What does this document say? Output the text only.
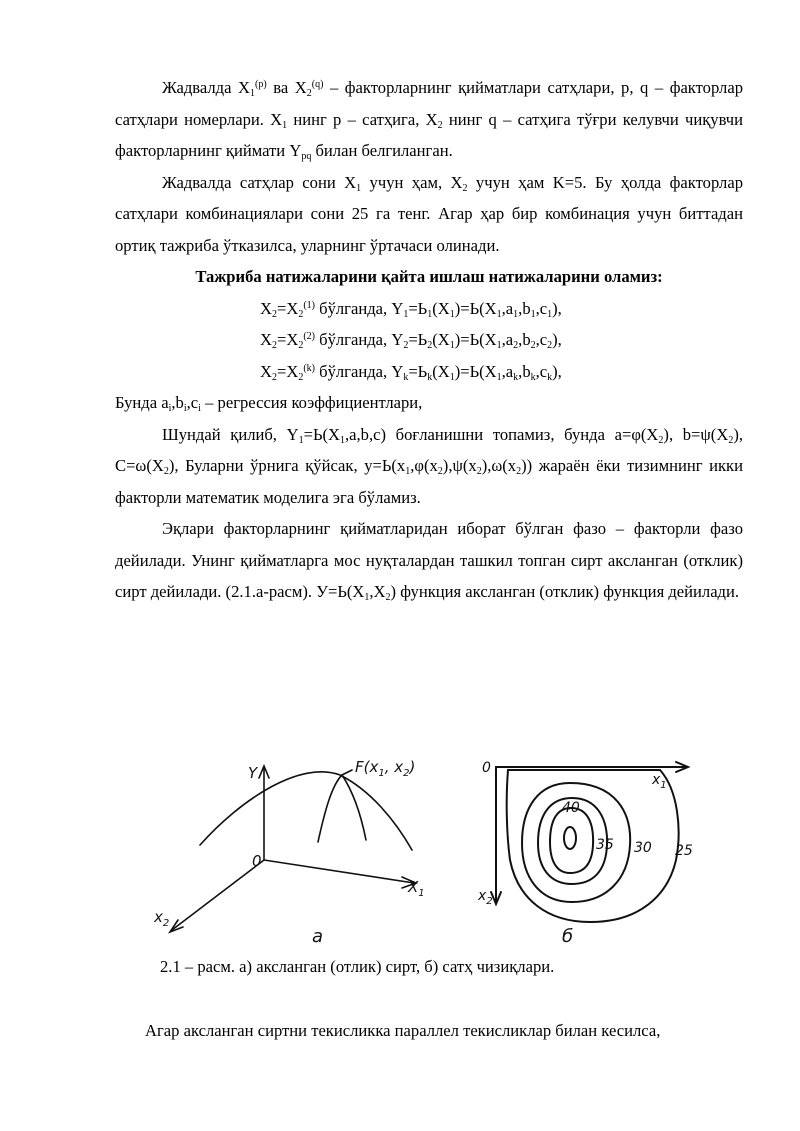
Жадвалда $X_1^{(p)}$ ва $X_2^{(q)}$ – факторларнинг қийматлари сатҳлари, p, q – факторлар сатҳлари номерлари. $X_1$ нинг p – сатҳига, $X_2$ нинг q – сатҳига тўғри келувчи чиқувчи факторларнинг қиймати $Y_{pq}$ билан белгиланган.

Жадвалда сатҳлар сони $X_1$ учун ҳам, $X_2$ учун ҳам K=5. Бу ҳолда факторлар сатҳлари комбинациялари сони 25 га тенг. Агар ҳар бир комбинация учун биттадан ортиқ тажриба ўтказилса, уларнинг ўртачаси олинади.

Тажриба натижаларини қайта ишлаш натижаларини оламиз:

$X_2=X_2^{(1)}$ бўлганда, $Y_1=Ь_1(X_1)=Ь(X_1,a_1,b_1,c_1)$,

$X_2=X_2^{(2)}$ бўлганда, $Y_2=Ь_2(X_1)=Ь(X_1,a_2,b_2,c_2)$,

$X_2=X_2^{(k)}$ бўлганда, $Y_k=Ь_k(X_1)=Ь(X_1,a_k,b_k,c_k)$,

Бунда $a_i,b_i,c_i$ – регрессия коэффициентлари,

Шундай қилиб, $Y_1=Ь(X_1,a,b,c)$ боғланишни топамиз, бунда $a=\varphi(X_2)$, $b=\psi(X_2)$, $C=\omega(X_2)$, Буларни ўрнига қўйсак, $y=Ь(x_1,\varphi(x_2),\psi(x_2),\omega(x_2))$ жараён ёки тизимнинг икки факторли математик моделига эга бўламиз.

Эқлари факторларнинг қийматларидан иборат бўлган фазо – факторли фазо дейилади. Унинг қийматларга мос нуқталардан ташкил топган сирт аксланган (отклик) сирт дейилади. (2.1.а-расм). $У=Ь(X_1,X_2)$ функция аксланган (отклик) функция дейилади.

Y	$F(x_1$, $x_2$)
0
$X_1$
$x_2$
а
0
$x_1$
$x_2$
40
35 30 25
б
2.1 – расм. а) аксланган (отлик) сирт, б) сатҳ чизиқлари.
Агар аксланган сиртни текисликка параллел текисликлар билан кесилса,
